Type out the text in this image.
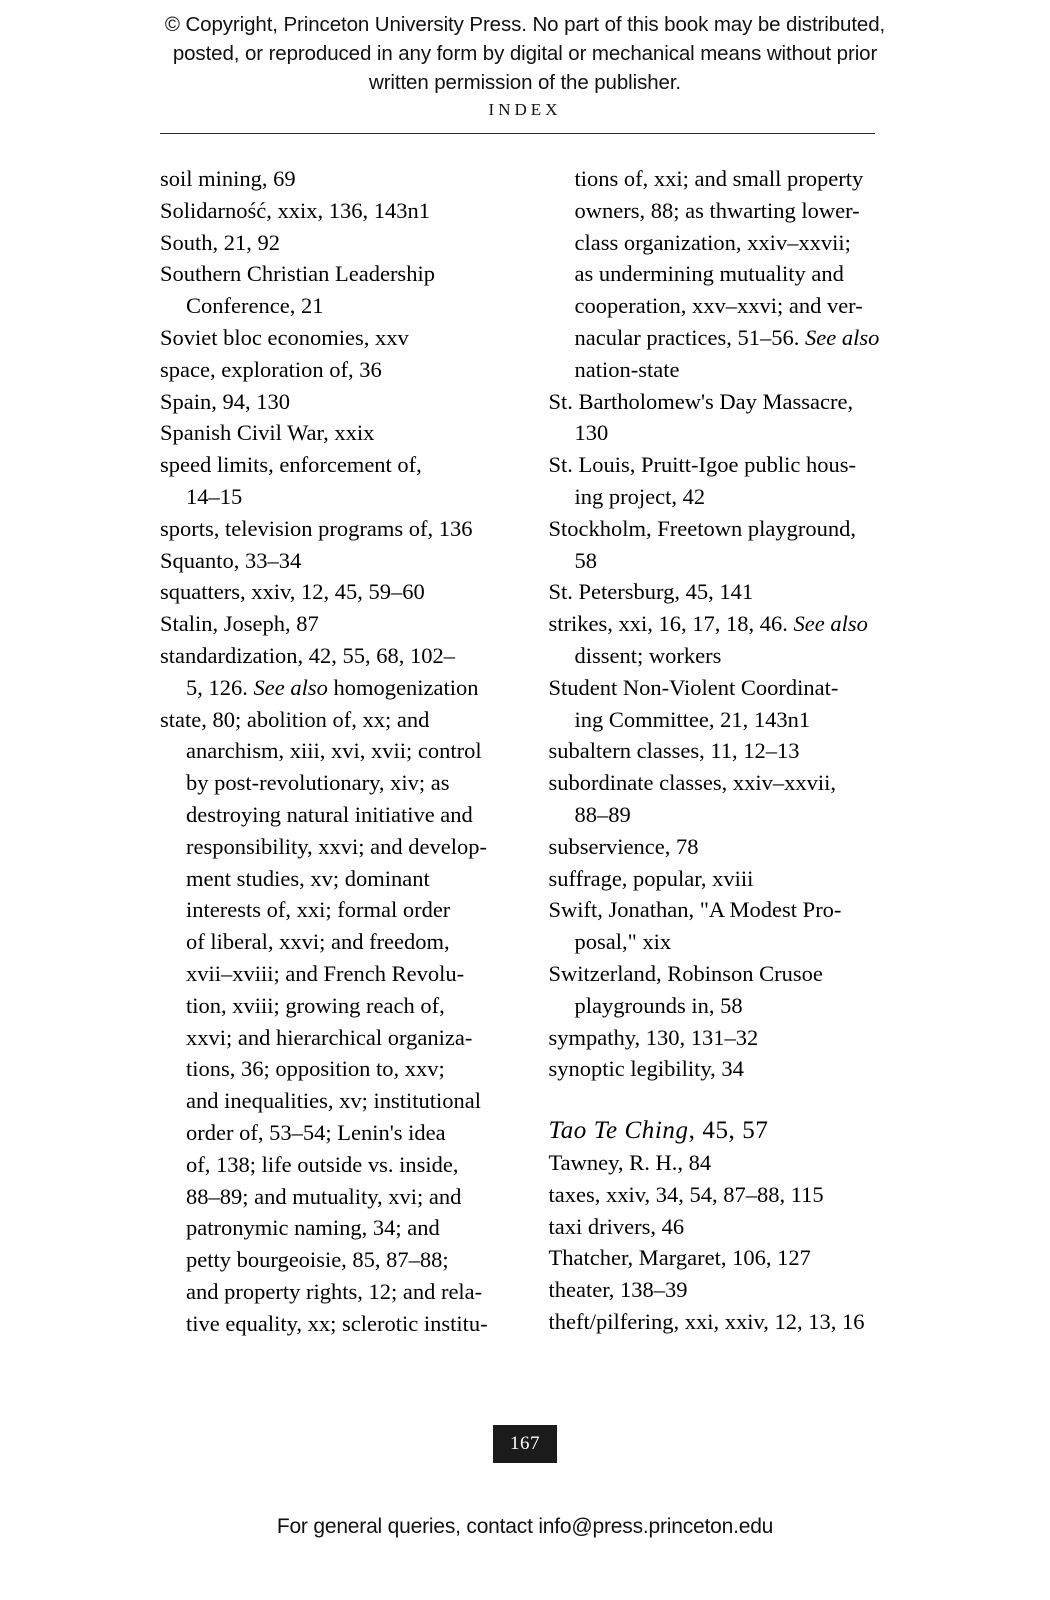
© Copyright, Princeton University Press. No part of this book may be distributed, posted, or reproduced in any form by digital or mechanical means without prior written permission of the publisher.
INDEX
soil mining, 69
Solidarność, xxix, 136, 143n1
South, 21, 92
Southern Christian Leadership
Conference, 21
Soviet bloc economies, xxv
space, exploration of, 36
Spain, 94, 130
Spanish Civil War, xxix
speed limits, enforcement of,
14–15
sports, television programs of, 136
Squanto, 33–34
squatters, xxiv, 12, 45, 59–60
Stalin, Joseph, 87
standardization, 42, 55, 68, 102–
5, 126. See also homogenization
state, 80; abolition of, xx; and
anarchism, xiii, xvi, xvii; control
by post-revolutionary, xiv; as
destroying natural initiative and
responsibility, xxvi; and develop-
ment studies, xv; dominant
interests of, xxi; formal order
of liberal, xxvi; and freedom,
xvii–xviii; and French Revolu-
tion, xviii; growing reach of,
xxvi; and hierarchical organiza-
tions, 36; opposition to, xxv;
and inequalities, xv; institutional
order of, 53–54; Lenin's idea
of, 138; life outside vs. inside,
88–89; and mutuality, xvi; and
patronymic naming, 34; and
petty bourgeoisie, 85, 87–88;
and property rights, 12; and rela-
tive equality, xx; sclerotic institu-
tions of, xxi; and small property
owners, 88; as thwarting lower-
class organization, xxiv–xxvii;
as undermining mutuality and
cooperation, xxv–xxvi; and ver-
nacular practices, 51–56. See also
nation-state
St. Bartholomew's Day Massacre,
130
St. Louis, Pruitt-Igoe public hous-
ing project, 42
Stockholm, Freetown playground,
58
St. Petersburg, 45, 141
strikes, xxi, 16, 17, 18, 46. See also
dissent; workers
Student Non-Violent Coordinat-
ing Committee, 21, 143n1
subaltern classes, 11, 12–13
subordinate classes, xxiv–xxvii,
88–89
subservience, 78
suffrage, popular, xviii
Swift, Jonathan, "A Modest Pro-
posal," xix
Switzerland, Robinson Crusoe
playgrounds in, 58
sympathy, 130, 131–32
synoptic legibility, 34
Tao Te Ching, 45, 57
Tawney, R. H., 84
taxes, xxiv, 34, 54, 87–88, 115
taxi drivers, 46
Thatcher, Margaret, 106, 127
theater, 138–39
theft/pilfering, xxi, xxiv, 12, 13, 16
167
For general queries, contact info@press.princeton.edu
